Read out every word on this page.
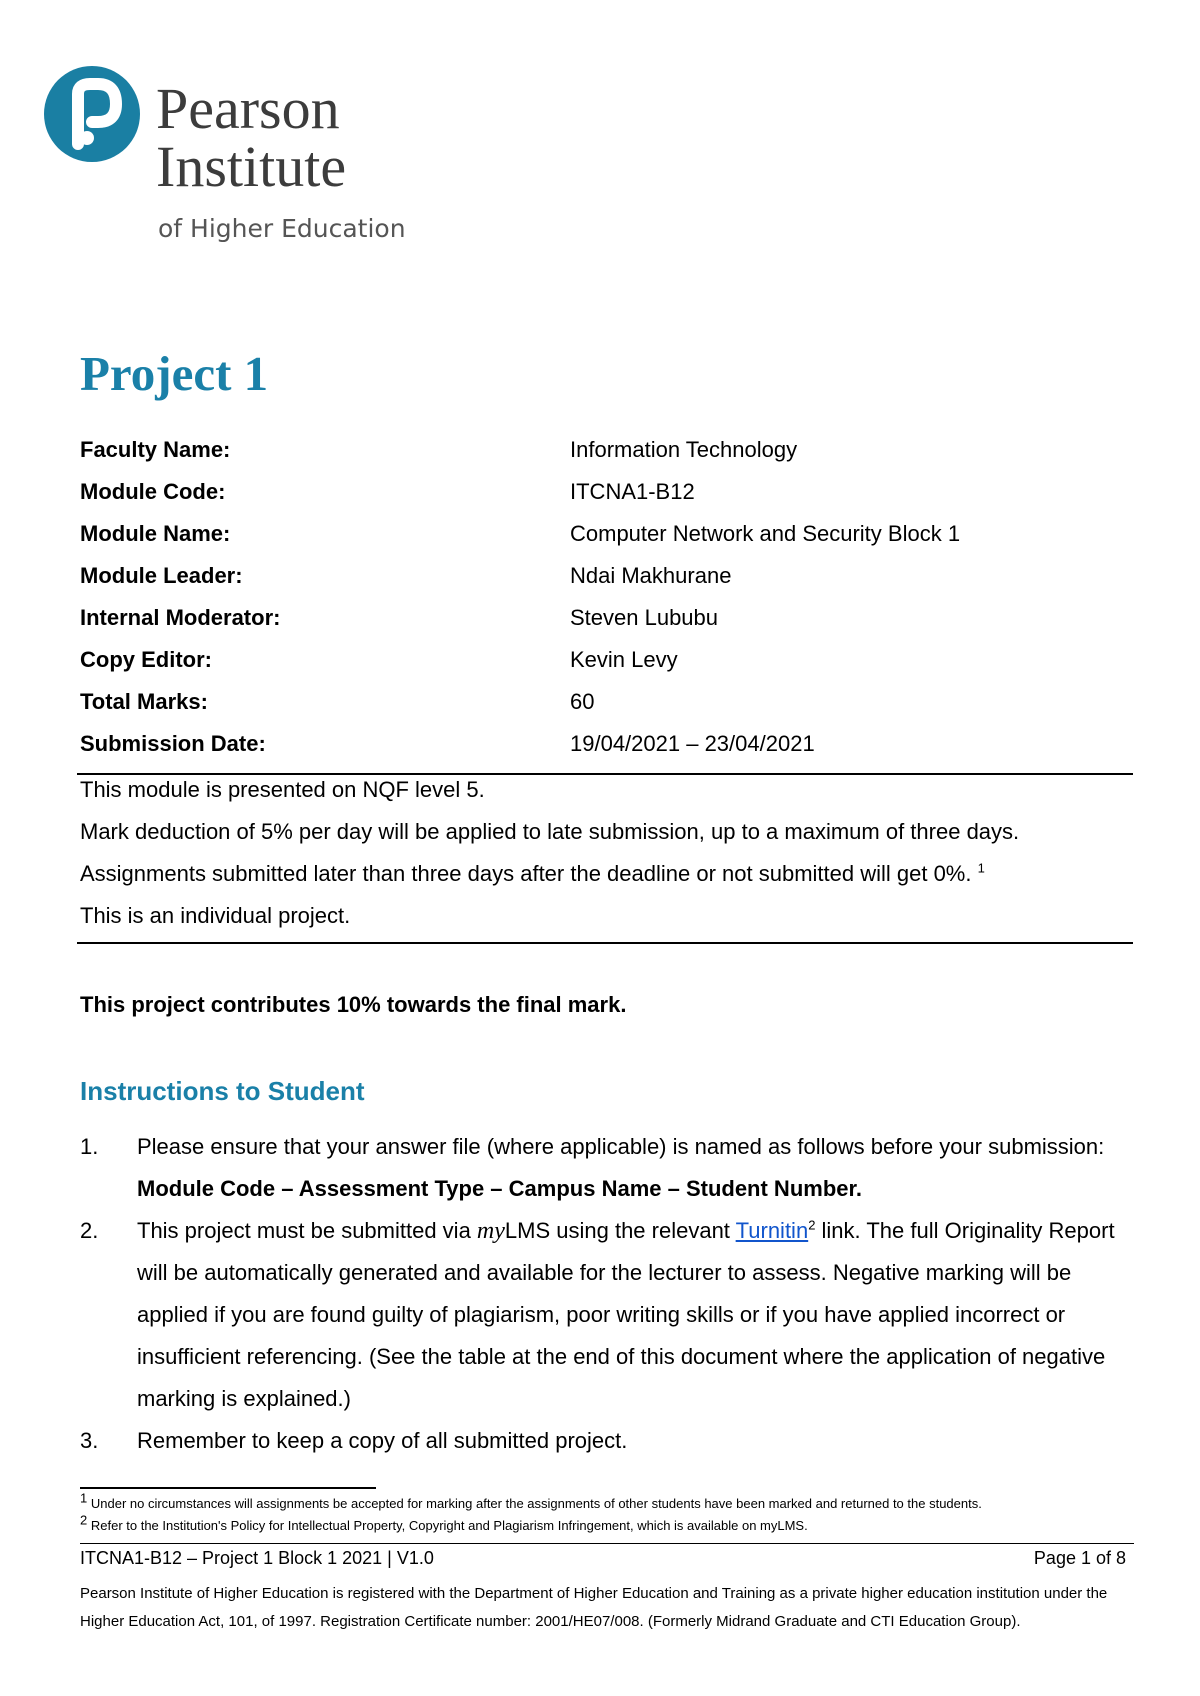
Pearson
Institute
of Higher Education
Project 1
Faculty Name:	Information Technology
Module Code:	ITCNA1-B12
Module Name:	Computer Network and Security Block 1
Module Leader:	Ndai Makhurane
Internal Moderator:	Steven Lububu
Copy Editor:	Kevin Levy
Total Marks:	60
Submission Date:	19/04/2021 – 23/04/2021
This module is presented on NQF level 5.
Mark deduction of 5% per day will be applied to late submission, up to a maximum of three days.
Assignments submitted later than three days after the deadline or not submitted will get 0%. $^1$
This is an individual project.
This project contributes 10% towards the final mark.
Instructions to Student
1. Please ensure that your answer file (where applicable) is named as follows before your submission: Module Code – Assessment Type – Campus Name – Student Number.
2. This project must be submitted via myLMS using the relevant Turnitin$^2$ link. The full Originality Report will be automatically generated and available for the lecturer to assess. Negative marking will be applied if you are found guilty of plagiarism, poor writing skills or if you have applied incorrect or insufficient referencing. (See the table at the end of this document where the application of negative marking is explained.)
3. Remember to keep a copy of all submitted project.
$^1$ Under no circumstances will assignments be accepted for marking after the assignments of other students have been marked and returned to the students.
$^2$ Refer to the Institution's Policy for Intellectual Property, Copyright and Plagiarism Infringement, which is available on myLMS.
ITCNA1-B12 – Project 1 Block 1 2021 | V1.0	Page 1 of 8
Pearson Institute of Higher Education is registered with the Department of Higher Education and Training as a private higher education institution under the Higher Education Act, 101, of 1997. Registration Certificate number: 2001/HE07/008. (Formerly Midrand Graduate and CTI Education Group).
